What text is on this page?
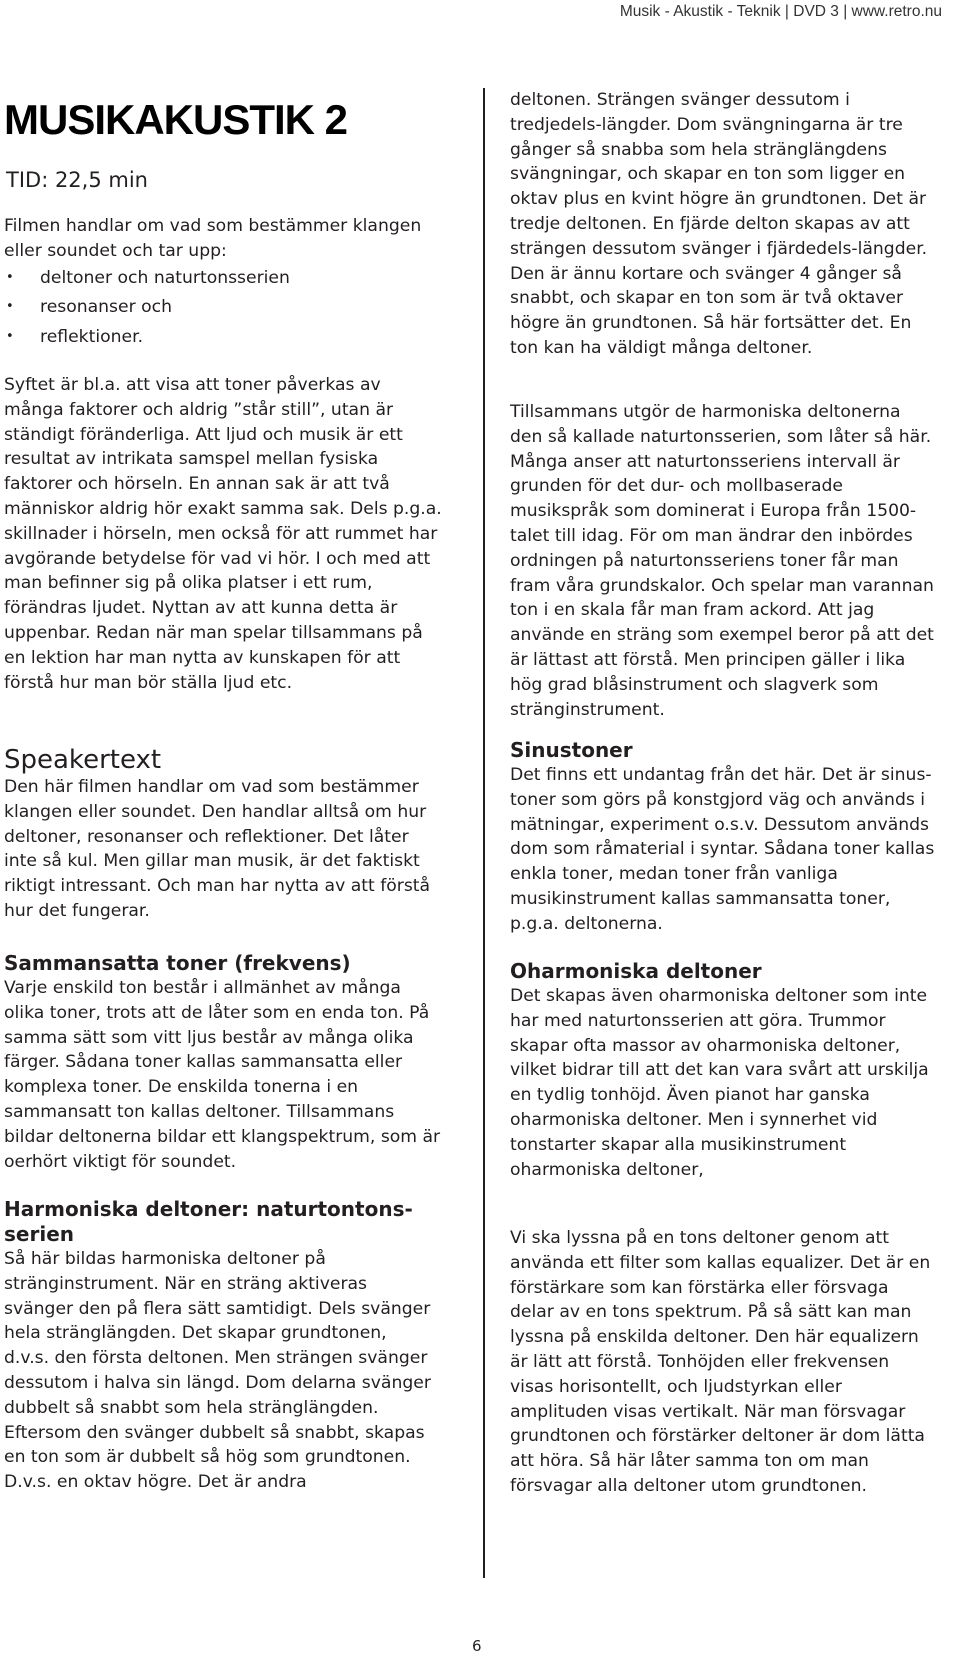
Musik - Akustik - Teknik | DVD 3 | www.retro.nu
MUSIKAKUSTIK 2
TID: 22,5 min

Filmen handlar om vad som bestämmer klangen eller soundet och tar upp:

• deltoner och naturtonsserien
• resonanser och
• reflektioner.

Syftet är bl.a. att visa att toner påverkas av många faktorer och aldrig ”står still”, utan är ständigt föränderliga. Att ljud och musik är ett resultat av intrikata samspel mellan fysiska faktorer och hörseln. En annan sak är att två människor aldrig hör exakt samma sak. Dels p.g.a. skillnader i hörseln, men också för att rummet har avgörande betydelse för vad vi hör. I och med att man befinner sig på olika platser i ett rum, förändras ljudet. Nyttan av att kunna detta är uppenbar. Redan när man spelar tillsammans på en lektion har man nytta av kunskapen för att förstå hur man bör ställa ljud etc.

Speakertext

Den här filmen handlar om vad som bestämmer klangen eller soundet. Den handlar alltså om hur deltoner, resonanser och reflektioner. Det låter inte så kul. Men gillar man musik, är det faktiskt riktigt intressant. Och man har nytta av att förstå hur det fungerar.

Sammansatta toner (frekvens)

Varje enskild ton består i allmänhet av många olika toner, trots att de låter som en enda ton. På samma sätt som vitt ljus består av många olika färger. Sådana toner kallas sammansatta eller komplexa toner. De enskilda tonerna i en sammansatt ton kallas deltoner. Tillsammans bildar deltonerna bildar ett klangspektrum, som är oerhört viktigt för soundet.

Harmoniska deltoner: naturtontonsserien

Så här bildas harmoniska deltoner på stränginstrument. När en sträng aktiveras svänger den på flera sätt samtidigt. Dels svänger hela stränglängden. Det skapar grundtonen, d.v.s. den första deltonen. Men strängen svänger dessutom i halva sin längd. Dom delarna svänger dubbelt så snabbt som hela stränglängden. Eftersom den svänger dubbelt så snabbt, skapas en ton som är dubbelt så hög som grundtonen. D.v.s. en oktav högre. Det är andra

deltonen. Strängen svänger dessutom i tredjedels-längder. Dom svängningarna är tre gånger så snabba som hela stränglängdens svängningar, och skapar en ton som ligger en oktav plus en kvint högre än grundtonen. Det är tredje deltonen. En fjärde delton skapas av att strängen dessutom svänger i fjärdedels-längder. Den är ännu kortare och svänger 4 gånger så snabbt, och skapar en ton som är två oktaver högre än grundtonen. Så här fortsätter det. En ton kan ha väldigt många deltoner.

Tillsammans utgör de harmoniska deltonerna den så kallade naturtonsserien, som låter så här. Många anser att naturtonsseriens intervall är grunden för det dur- och mollbaserade musikspråk som dominerat i Europa från 1500-talet till idag. För om man ändrar den inbördes ordningen på naturtonsseriens toner får man fram våra grundskalor. Och spelar man varannan ton i en skala får man fram ackord. Att jag använde en sträng som exempel beror på att det är lättast att förstå. Men principen gäller i lika hög grad blåsinstrument och slagverk som stränginstrument.

Sinustoner

Det finns ett undantag från det här. Det är sinustoner som görs på konstgjord väg och används i mätningar, experiment o.s.v. Dessutom används dom som råmaterial i syntar. Sådana toner kallas enkla toner, medan toner från vanliga musikinstrument kallas sammansatta toner, p.g.a. deltonerna.

Oharmoniska deltoner

Det skapas även oharmoniska deltoner som inte har med naturtonsserien att göra. Trummor skapar ofta massor av oharmoniska deltoner, vilket bidrar till att det kan vara svårt att urskilja en tydlig tonhöjd. Även pianot har ganska oharmoniska deltoner. Men i synnerhet vid tonstarter skapar alla musikinstrument oharmoniska deltoner,

Vi ska lyssna på en tons deltoner genom att använda ett filter som kallas equalizer. Det är en förstärkare som kan förstärka eller försvaga delar av en tons spektrum. På så sätt kan man lyssna på enskilda deltoner. Den här equalizern är lätt att förstå. Tonhöjden eller frekvensen visas horisontellt, och ljudstyrkan eller amplituden visas vertikalt. När man försvagar grundtonen och förstärker deltoner är dom lätta att höra. Så här låter samma ton om man försvagar alla deltoner utom grundtonen.

6
